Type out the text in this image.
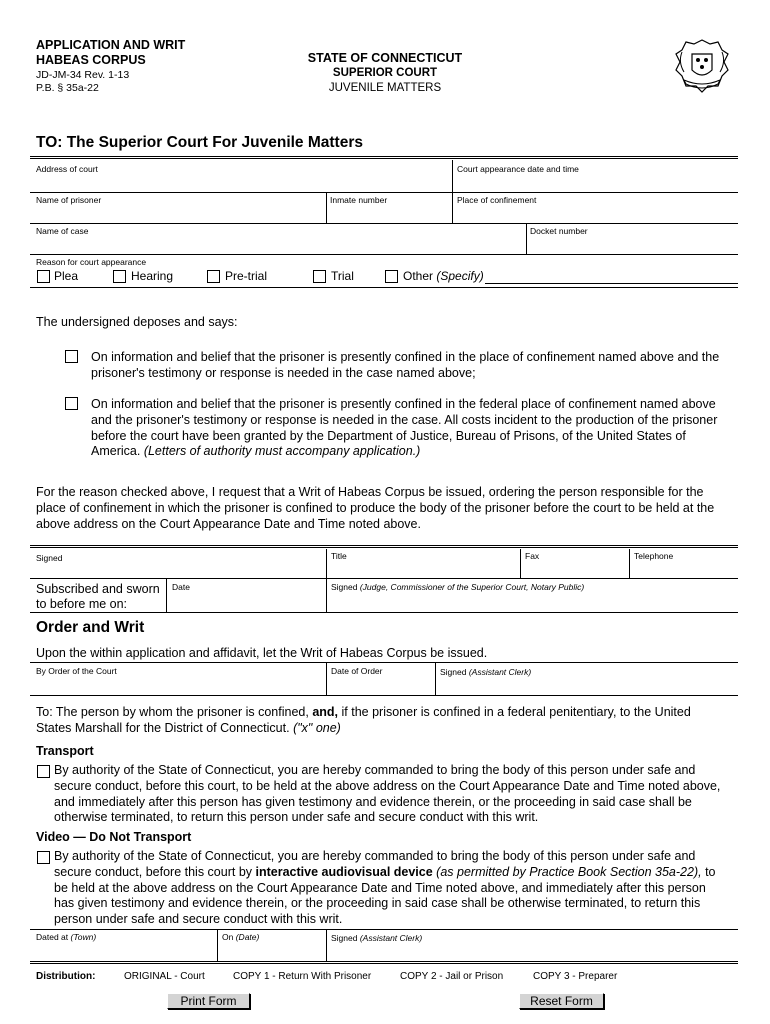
APPLICATION AND WRIT
HABEAS CORPUS
JD-JM-34 Rev. 1-13
P.B. § 35a-22
STATE OF CONNECTICUT
SUPERIOR COURT
JUVENILE MATTERS
TO: The Superior Court For Juvenile Matters
Address of court	Court appearance date and time
Name of prisoner	Inmate number	Place of confinement
Name of case	Docket number
Reason for court appearance
Plea	Hearing	Pre-trial	Trial	Other (Specify)
The undersigned deposes and says:
On information and belief that the prisoner is presently confined in the place of confinement named above and the
prisoner's testimony or response is needed in the case named above;
On information and belief that the prisoner is presently confined in the federal place of confinement named above
and the prisoner's testimony or response is needed in the case. All costs incident to the production of the prisoner
before the court have been granted by the Department of Justice, Bureau of Prisons, of the United States of
America. (Letters of authority must accompany application.)
For the reason checked above, I request that a Writ of Habeas Corpus be issued, ordering the person responsible for the
place of confinement in which the prisoner is confined to produce the body of the prisoner before the court to be held at the
above address on the Court Appearance Date and Time noted above.
Signed	Title	Fax	Telephone
Subscribed and sworn
to before me on:
Date	Signed (Judge, Commissioner of the Superior Court, Notary Public)
Order and Writ
Upon the within application and affidavit, let the Writ of Habeas Corpus be issued.
By Order of the Court	Date of Order	Signed (Assistant Clerk)
To: The person by whom the prisoner is confined, and, if the prisoner is confined in a federal penitentiary, to the United
States Marshall for the District of Connecticut. ("x" one)
Transport
By authority of the State of Connecticut, you are hereby commanded to bring the body of this person under safe and
secure conduct, before this court, to be held at the above address on the Court Appearance Date and Time noted above,
and immediately after this person has given testimony and evidence therein, or the proceeding in said case shall be
otherwise terminated, to return this person under safe and secure conduct with this writ.
Video — Do Not Transport
By authority of the State of Connecticut, you are hereby commanded to bring the body of this person under safe and
secure conduct, before this court by interactive audiovisual device (as permitted by Practice Book Section 35a-22), to
be held at the above address on the Court Appearance Date and Time noted above, and immediately after this person
has given testimony and evidence therein, or the proceeding in said case shall be otherwise terminated, to return this
person under safe and secure conduct with this writ.
Dated at (Town)	On (Date)	Signed (Assistant Clerk)
Distribution:	ORIGINAL - Court	COPY 1 - Return With Prisoner	COPY 2 - Jail or Prison	COPY 3 - Preparer
Print Form	Reset Form
